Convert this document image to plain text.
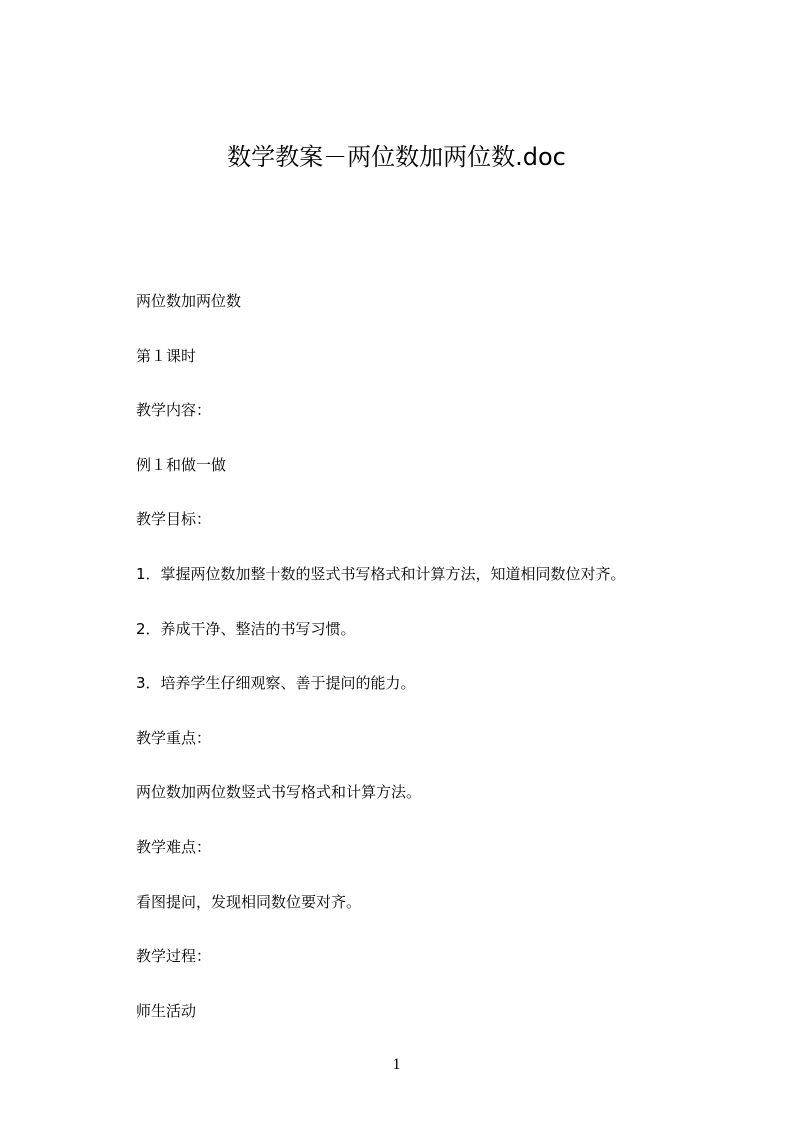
数学教案－两位数加两位数.doc
两位数加两位数
第１课时
教学内容：
例１和做一做
教学目标：
1．掌握两位数加整十数的竖式书写格式和计算方法，知道相同数位对齐。
2．养成干净、整洁的书写习惯。
3．培养学生仔细观察、善于提问的能力。
教学重点：
两位数加两位数竖式书写格式和计算方法。
教学难点：
看图提问，发现相同数位要对齐。
教学过程：
师生活动
1
